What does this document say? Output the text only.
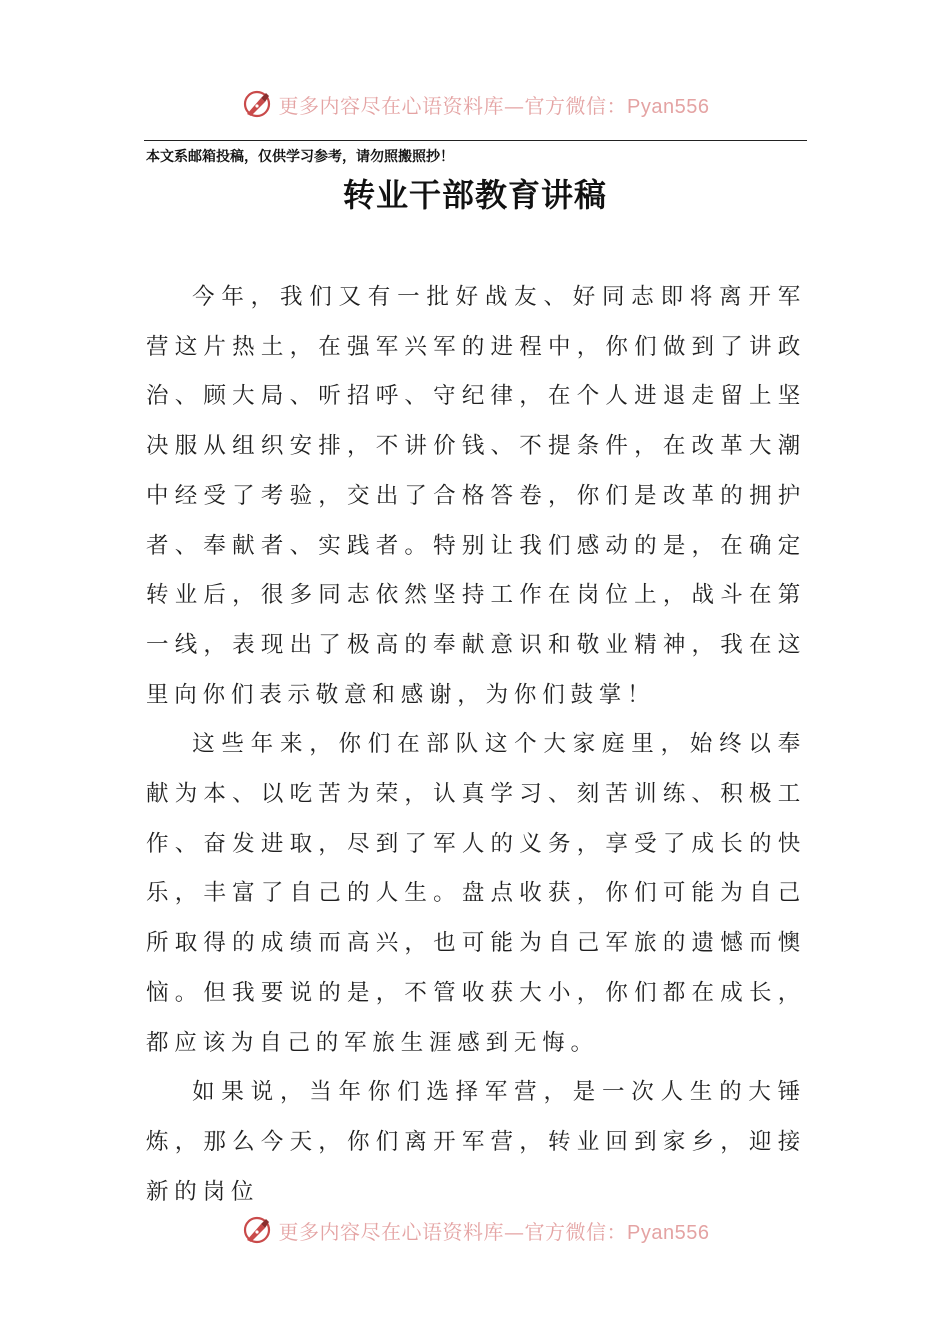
更多内容尽在心语资料库—官方微信：Pyan556
本文系邮箱投稿，仅供学习参考，请勿照搬照抄！
转业干部教育讲稿

今年，我们又有一批好战友、好同志即将离开军营这片热土，在强军兴军的进程中，你们做到了讲政治、顾大局、听招呼、守纪律，在个人进退走留上坚决服从组织安排，不讲价钱、不提条件，在改革大潮中经受了考验，交出了合格答卷，你们是改革的拥护者、奉献者、实践者。特别让我们感动的是，在确定转业后，很多同志依然坚持工作在岗位上，战斗在第一线，表现出了极高的奉献意识和敬业精神，我在这里向你们表示敬意和感谢，为你们鼓掌！

这些年来，你们在部队这个大家庭里，始终以奉献为本、以吃苦为荣，认真学习、刻苦训练、积极工作、奋发进取，尽到了军人的义务，享受了成长的快乐，丰富了自己的人生。盘点收获，你们可能为自己所取得的成绩而高兴，也可能为自己军旅的遗憾而懊恼。但我要说的是，不管收获大小，你们都在成长，都应该为自己的军旅生涯感到无悔。

如果说，当年你们选择军营，是一次人生的大锤炼，那么今天，你们离开军营，转业回到家乡，迎接新的岗位

更多内容尽在心语资料库—官方微信：Pyan556
